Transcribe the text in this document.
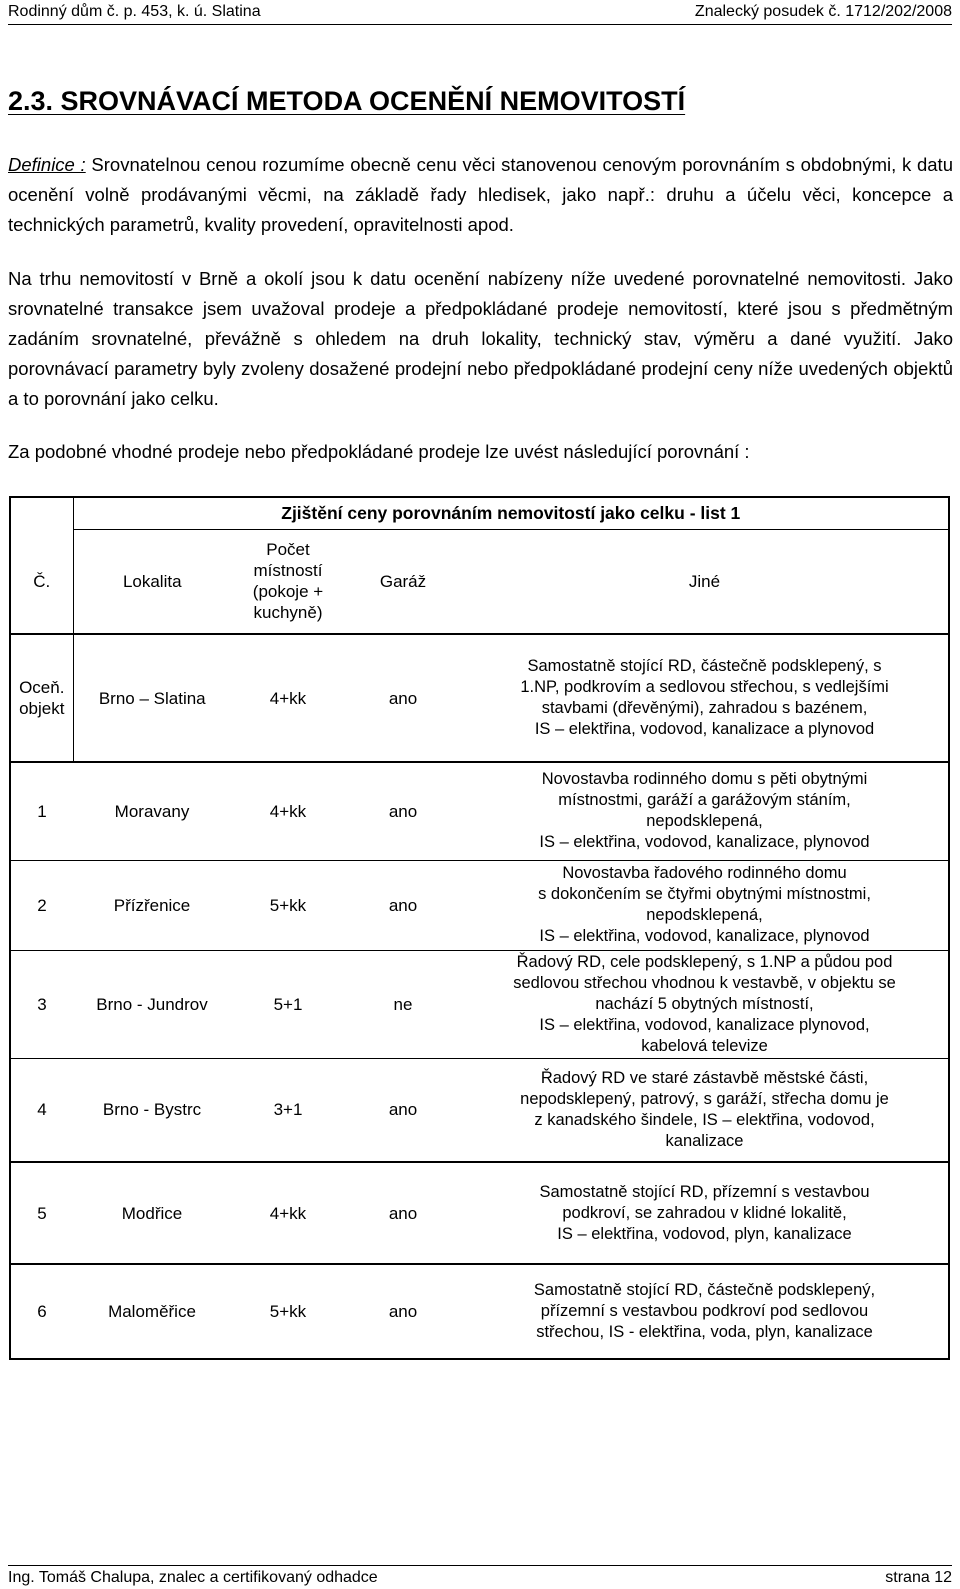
Rodinný dům č. p. 453, k. ú. Slatina	Znalecký posudek č. 1712/202/2008
2.3. SROVNÁVACÍ METODA OCENĚNÍ NEMOVITOSTÍ

Definice : Srovnatelnou cenou rozumíme obecně cenu věci stanovenou cenovým porovnáním s obdobnými, k datu ocenění volně prodávanými věcmi, na základě řady hledisek, jako např.: druhu a účelu věci, koncepce a technických parametrů, kvality provedení, opravitelnosti apod.

Na trhu nemovitostí v Brně a okolí jsou k datu ocenění nabízeny níže uvedené porovnatelné nemovitosti. Jako srovnatelné transakce jsem uvažoval prodeje a předpokládané prodeje nemovitostí, které jsou s předmětným zadáním srovnatelné, převážně s ohledem na druh lokality, technický stav, výměru a dané využití. Jako porovnávací parametry byly zvoleny dosažené prodejní nebo předpokládané prodejní ceny níže uvedených objektů a to porovnání jako celku.

Za podobné vhodné prodeje nebo předpokládané prodeje lze uvést následující porovnání :

	Zjištění ceny porovnáním nemovitostí jako celku - list 1			
Č.	Lokalita	Počet
místností
(pokoje +
kuchyně)	Garáž	Jiné
Oceň.
objekt	Brno – Slatina	4+kk	ano	Samostatně stojící RD, částečně podsklepený, s
1.NP, podkrovím a sedlovou střechou, s vedlejšími
stavbami (dřevěnými), zahradou s bazénem,
IS – elektřina, vodovod, kanalizace a plynovod
1	Moravany	4+kk	ano	Novostavba rodinného domu s pěti obytnými
místnostmi, garáží a garážovým stáním,
nepodsklepená,
IS – elektřina, vodovod, kanalizace, plynovod
2	Přízřenice	5+kk	ano	Novostavba řadového rodinného domu
s dokončením se čtyřmi obytnými místnostmi,
nepodsklepená,
IS – elektřina, vodovod, kanalizace, plynovod
3	Brno - Jundrov	5+1	ne	Řadový RD, cele podsklepený, s 1.NP a půdou pod
sedlovou střechou vhodnou k vestavbě, v objektu se
nachází 5 obytných místností,
IS – elektřina, vodovod, kanalizace plynovod,
kabelová televize
4	Brno - Bystrc	3+1	ano	Řadový RD ve staré zástavbě městské části,
nepodsklepený, patrový, s garáží, střecha domu je
z kanadského šindele, IS – elektřina, vodovod,
kanalizace
5	Modřice	4+kk	ano	Samostatně stojící RD, přízemní s vestavbou
podkroví, se zahradou v klidné lokalitě,
IS – elektřina, vodovod, plyn, kanalizace
6	Maloměřice	5+kk	ano	Samostatně stojící RD, částečně podsklepený,
přízemní s vestavbou podkroví pod sedlovou
střechou, IS - elektřina, voda, plyn, kanalizace
Ing. Tomáš Chalupa, znalec a certifikovaný odhadce	strana 12
